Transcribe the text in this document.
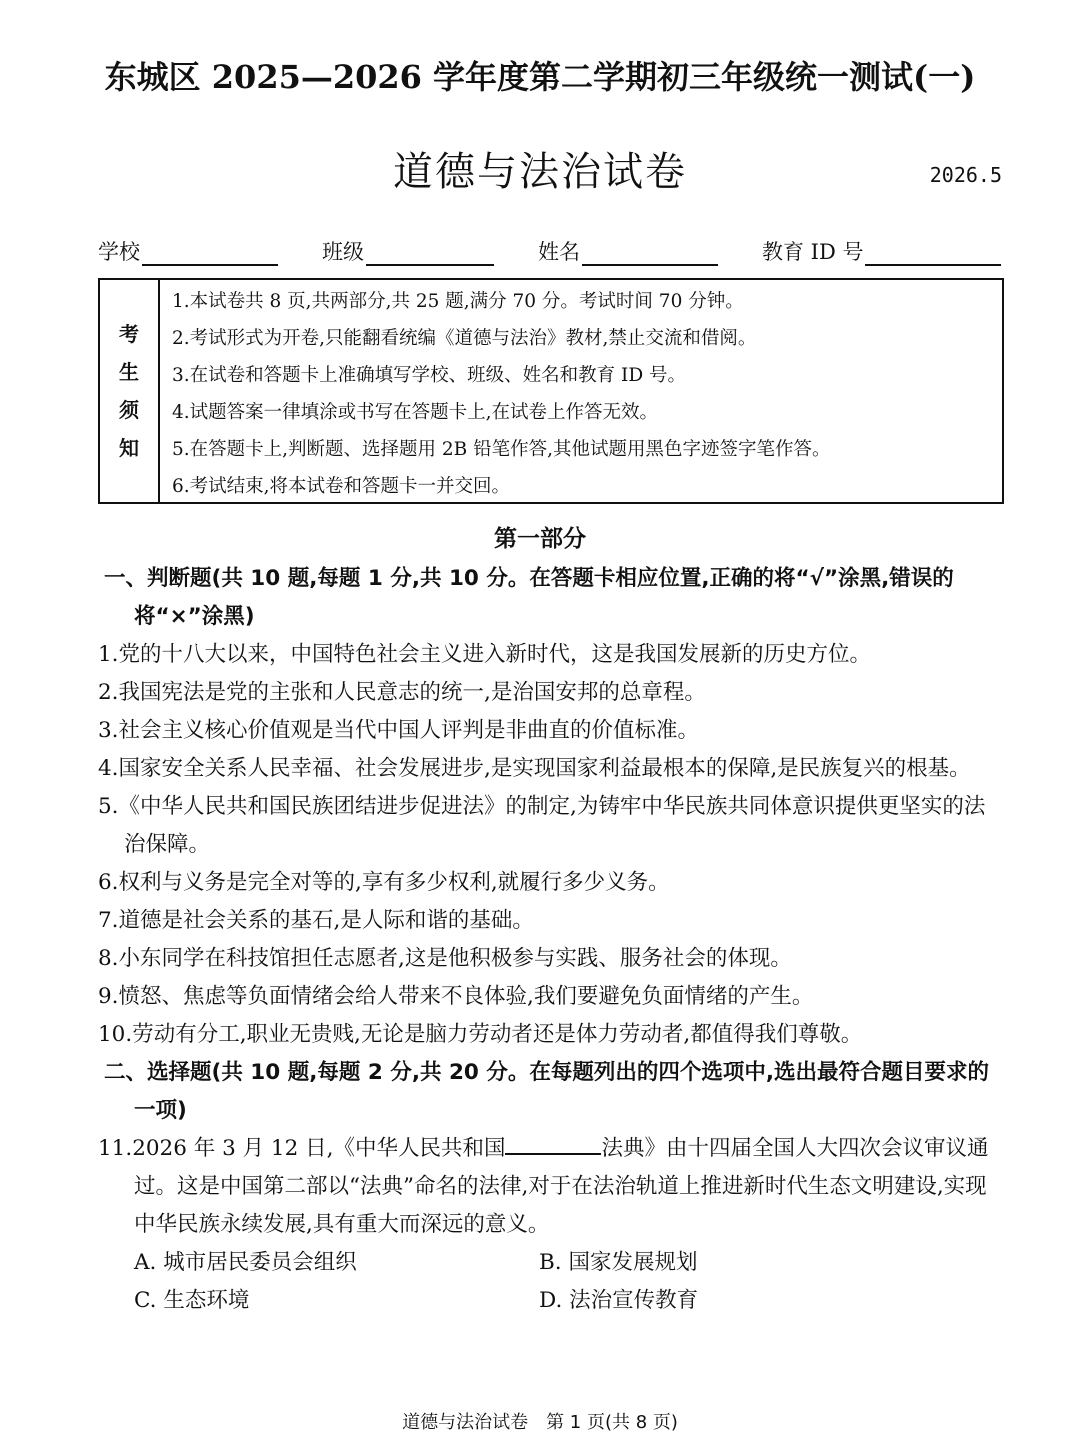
东城区 2025—2026 学年度第二学期初三年级统一测试(一)
道德与法治试卷	2026.5
学校	班级	姓名	教育 ID 号
考
生
须
知
1.本试卷共 8 页,共两部分,共 25 题,满分 70 分。考试时间 70 分钟。
2.考试形式为开卷,只能翻看统编《道德与法治》教材,禁止交流和借阅。
3.在试卷和答题卡上准确填写学校、班级、姓名和教育 ID 号。
4.试题答案一律填涂或书写在答题卡上,在试卷上作答无效。
5.在答题卡上,判断题、选择题用 2B 铅笔作答,其他试题用黑色字迹签字笔作答。
6.考试结束,将本试卷和答题卡一并交回。
第一部分
一、判断题(共 10 题,每题 1 分,共 10 分。在答题卡相应位置,正确的将“√”涂黑,错误的将“×”涂黑)
1.党的十八大以来，中国特色社会主义进入新时代，这是我国发展新的历史方位。
2.我国宪法是党的主张和人民意志的统一,是治国安邦的总章程。
3.社会主义核心价值观是当代中国人评判是非曲直的价值标准。
4.国家安全关系人民幸福、社会发展进步,是实现国家利益最根本的保障,是民族复兴的根基。
5.《中华人民共和国民族团结进步促进法》的制定,为铸牢中华民族共同体意识提供更坚实的法治保障。
6.权利与义务是完全对等的,享有多少权利,就履行多少义务。
7.道德是社会关系的基石,是人际和谐的基础。
8.小东同学在科技馆担任志愿者,这是他积极参与实践、服务社会的体现。
9.愤怒、焦虑等负面情绪会给人带来不良体验,我们要避免负面情绪的产生。
10.劳动有分工,职业无贵贱,无论是脑力劳动者还是体力劳动者,都值得我们尊敬。
二、选择题(共 10 题,每题 2 分,共 20 分。在每题列出的四个选项中,选出最符合题目要求的一项)
11.2026 年 3 月 12 日,《中华人民共和国	法典》由十四届全国人大四次会议审议通过。这是中国第二部以“法典”命名的法律,对于在法治轨道上推进新时代生态文明建设,实现中华民族永续发展,具有重大而深远的意义。
A. 城市居民委员会组织	B. 国家发展规划
C. 生态环境	D. 法治宣传教育
道德与法治试卷　第 1 页(共 8 页)
